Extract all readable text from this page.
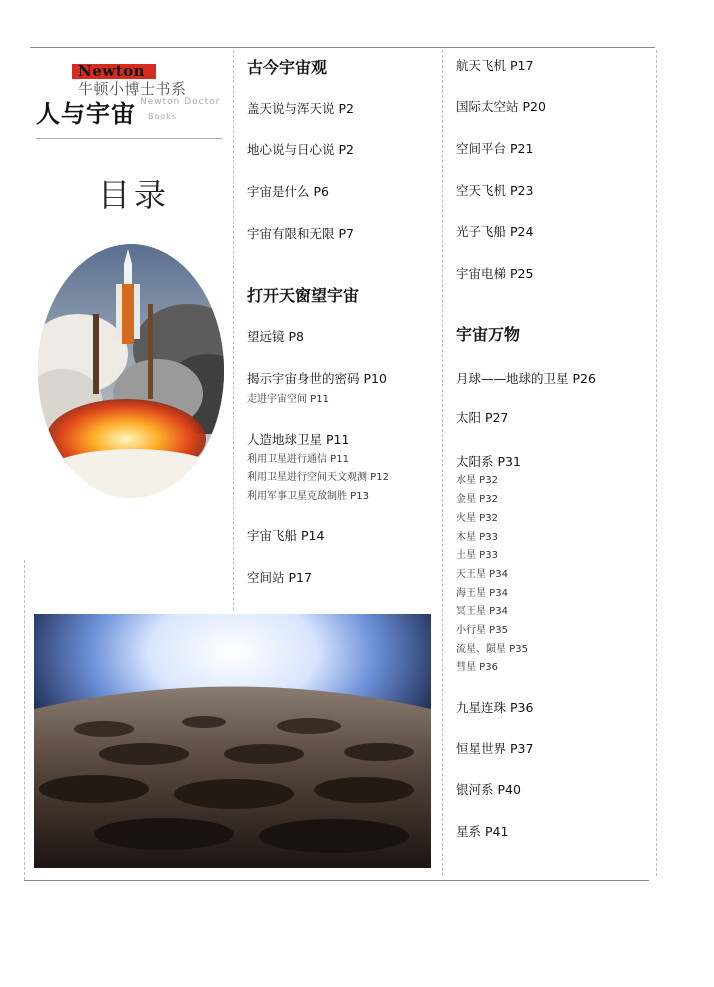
Newton
牛顿小博士书系
人与宇宙 Newton Doctor
Books
目录
古今宇宙观
盖天说与浑天说 P2
地心说与日心说 P2
宇宙是什么 P6
宇宙有限和无限 P7
打开天窗望宇宙
望远镜 P8
揭示宇宙身世的密码 P10
走进宇宙空间 P11
人造地球卫星 P11
利用卫星进行通信 P11
利用卫星进行空间天文观测 P12
利用军事卫星克敌制胜 P13
宇宙飞船 P14
空间站 P17
航天飞机 P17
国际太空站 P20
空间平台 P21
空天飞机 P23
光子飞船 P24
宇宙电梯 P25
宇宙万物
月球——地球的卫星 P26
太阳 P27
太阳系 P31
水星 P32
金星 P32
火星 P32
木星 P33
土星 P33
天王星 P34
海王星 P34
冥王星 P34
小行星 P35
流星、陨星 P35
彗星 P36
九星连珠 P36
恒星世界 P37
银河系 P40
星系 P41
